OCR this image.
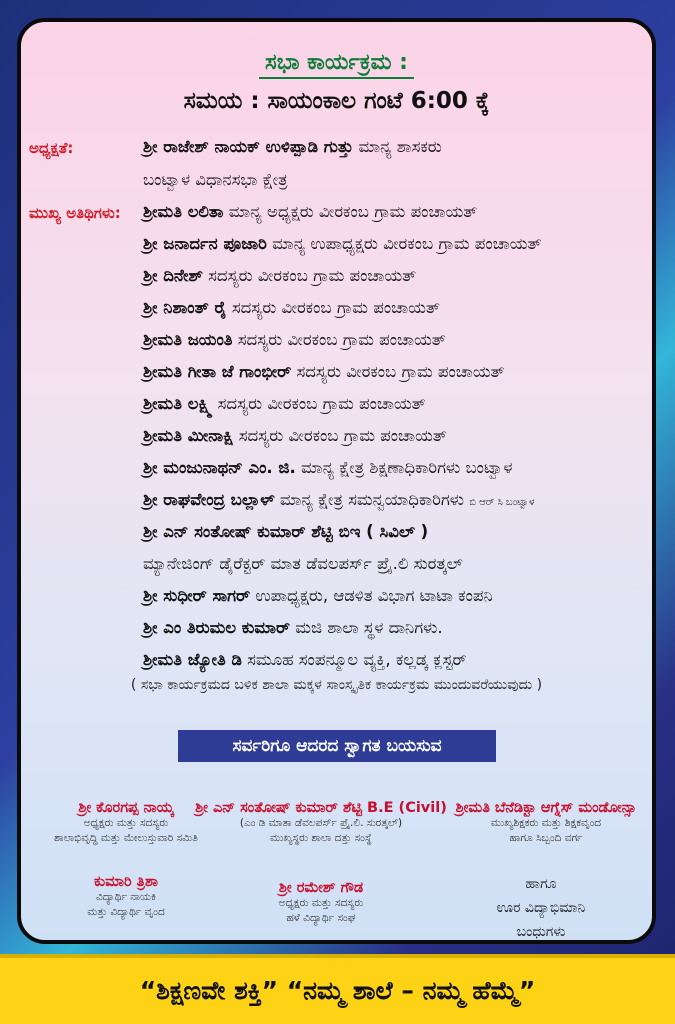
ಸಭಾ ಕಾರ್ಯಕ್ರಮ :
ಸಮಯ : ಸಾಯಂಕಾಲ ಗಂಟೆ 6:00 ಕ್ಕೆ
ಅಧ್ಯಕ್ಷತೆ:	ಶ್ರೀ ರಾಜೇಶ್ ನಾಯಕ್ ಉಳಿಪ್ಪಾಡಿ ಗುತ್ತು ಮಾನ್ಯ ಶಾಸಕರು
ಬಂಟ್ವಾಳ ವಿಧಾನಸಭಾ ಕ್ಷೇತ್ರ
ಮುಖ್ಯ ಅತಿಥಿಗಳು: ಶ್ರೀಮತಿ ಲಲಿತಾ ಮಾನ್ಯ ಅಧ್ಯಕ್ಷರು ವೀರಕಂಬ ಗ್ರಾಮ ಪಂಚಾಯತ್
ಶ್ರೀ ಜನಾರ್ದನ ಪೂಜಾರಿ ಮಾನ್ಯ ಉಪಾಧ್ಯಕ್ಷರು ವೀರಕಂಬ ಗ್ರಾಮ ಪಂಚಾಯತ್
ಶ್ರೀ ದಿನೇಶ್ ಸದಸ್ಯರು ವೀರಕಂಬ ಗ್ರಾಮ ಪಂಚಾಯತ್
ಶ್ರೀ ನಿಶಾಂತ್ ರೈ ಸದಸ್ಯರು ವೀರಕಂಬ ಗ್ರಾಮ ಪಂಚಾಯತ್
ಶ್ರೀಮತಿ ಜಯಂತಿ ಸದಸ್ಯರು ವೀರಕಂಬ ಗ್ರಾಮ ಪಂಚಾಯತ್
ಶ್ರೀಮತಿ ಗೀತಾ ಜೆ ಗಾಂಭೀರ್ ಸದಸ್ಯರು ವೀರಕಂಬ ಗ್ರಾಮ ಪಂಚಾಯತ್
ಶ್ರೀಮತಿ ಲಕ್ಷ್ಮಿ ಸದಸ್ಯರು ವೀರಕಂಬ ಗ್ರಾಮ ಪಂಚಾಯತ್
ಶ್ರೀಮತಿ ಮೀನಾಕ್ಷಿ ಸದಸ್ಯರು ವೀರಕಂಬ ಗ್ರಾಮ ಪಂಚಾಯತ್
ಶ್ರೀ ಮಂಜುನಾಥನ್ ಎಂ. ಜಿ. ಮಾನ್ಯ ಕ್ಷೇತ್ರ ಶಿಕ್ಷಣಾಧಿಕಾರಿಗಳು ಬಂಟ್ವಾಳ
ಶ್ರೀ ರಾಘವೇಂದ್ರ ಬಲ್ಲಾಳ್ ಮಾನ್ಯ ಕ್ಷೇತ್ರ ಸಮನ್ವಯಾಧಿಕಾರಿಗಳು ಬಿ ಆರ್ ಸಿ ಬಂಟ್ವಾಳ
ಶ್ರೀ ಎನ್ ಸಂತೋಷ್ ಕುಮಾರ್ ಶೆಟ್ಟಿ ಬಿಇ ( ಸಿವಿಲ್ )
ಮ್ಯಾನೇಜಿಂಗ್ ಡೈರೆಕ್ಟರ್ ಮಾತ ಡೆವಲಪರ್ಸ್ ಪ್ರೈ.ಲಿ ಸುರತ್ಕಲ್
ಶ್ರೀ ಸುಧೀರ್ ಸಾಗರ್ ಉಪಾಧ್ಯಕ್ಷರು, ಆಡಳಿತ ವಿಭಾಗ ಟಾಟಾ ಕಂಪನಿ
ಶ್ರೀ ಎಂ ತಿರುಮಲ ಕುಮಾರ್ ಮಜಿ ಶಾಲಾ ಸ್ಥಳ ದಾನಿಗಳು.
ಶ್ರೀಮತಿ ಜ್ಯೋತಿ ಡಿ ಸಮೂಹ ಸಂಪನ್ಮೂಲ ವ್ಯಕ್ತಿ, ಕಲ್ಲಡ್ಕ ಕ್ಲಸ್ಟರ್
( ಸಭಾ ಕಾರ್ಯಕ್ರಮದ ಬಳಿಕ ಶಾಲಾ ಮಕ್ಕಳ ಸಾಂಸ್ಕೃತಿಕ ಕಾರ್ಯಕ್ರಮ ಮುಂದುವರೆಯುವುದು )
ಸರ್ವರಿಗೂ ಆದರದ ಸ್ವಾಗತ ಬಯಸುವ
ಶ್ರೀ ಕೊರಗಪ್ಪ ನಾಯ್ಕ
ಅಧ್ಯಕ್ಷರು ಮತ್ತು ಸದಸ್ಯರು
ಶಾಲಾಭಿವೃದ್ಧಿ ಮತ್ತು ಮೇಲುಸ್ತುವಾರಿ ಸಮಿತಿ
ಶ್ರೀ ಎನ್ ಸಂತೋಷ್ ಕುಮಾರ್ ಶೆಟ್ಟಿ B.E (Civil)
(ಎಂ ಡಿ ಮಾತಾ ಡೆವಲಪರ್ಸ್ ಪ್ರೈ.ಲಿ. ಸುರತ್ಕಲ್)
ಮುಖ್ಯಸ್ಥರು ಶಾಲಾ ದತ್ತು ಸಂಸ್ಥೆ
ಶ್ರೀಮತಿ ಬೆನೆಡಿಕ್ಟಾ ಆಗ್ನೆಸ್ ಮಂಡೋನ್ಸಾ
ಮುಖ್ಯಶಿಕ್ಷಕರು ಮತ್ತು ಶಿಕ್ಷಕವೃಂದ
ಹಾಗೂ ಸಿಬ್ಬಂದಿ ವರ್ಗ
ಕುಮಾರಿ ತ್ರಿಶಾ
ವಿದ್ಯಾರ್ಥಿ ನಾಯಕಿ
ಮತ್ತು ವಿದ್ಯಾರ್ಥಿ ವೃಂದ
ಶ್ರೀ ರಮೇಶ್ ಗೌಡ
ಅಧ್ಯಕ್ಷರು ಮತ್ತು ಸದಸ್ಯರು
ಹಳೆ ವಿದ್ಯಾರ್ಥಿ ಸಂಘ
ಹಾಗೂ
ಊರ ವಿದ್ಯಾಭಿಮಾನಿ
ಬಂಧುಗಳು
“ಶಿಕ್ಷಣವೇ ಶಕ್ತಿ” “ನಮ್ಮ ಶಾಲೆ – ನಮ್ಮ ಹೆಮ್ಮೆ”
